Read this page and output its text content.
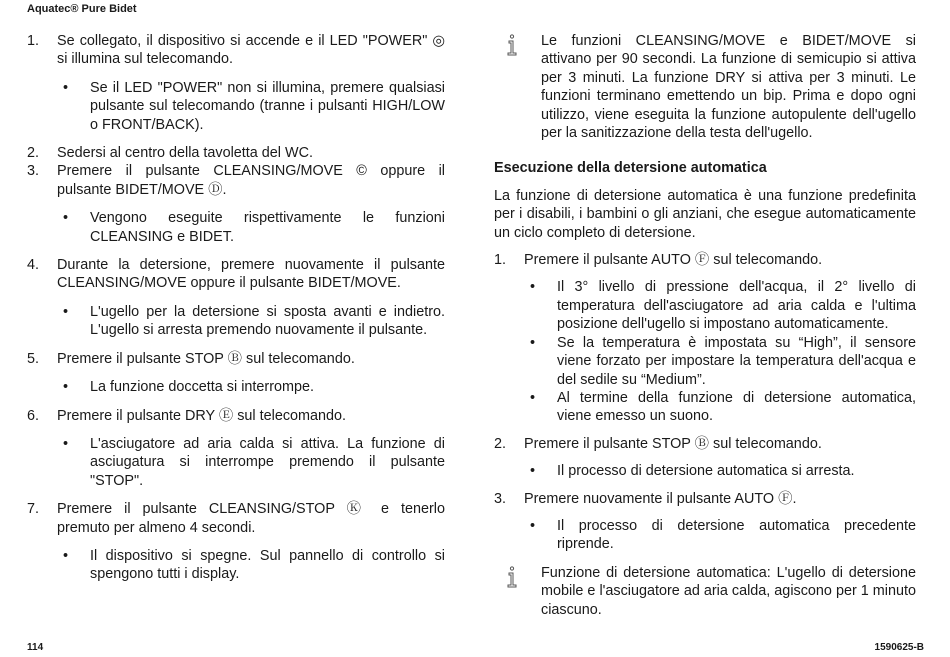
Aquatec® Pure Bidet
1. Se collegato, il dispositivo si accende e il LED "POWER" ◎ si illumina sul telecomando.
• Se il LED "POWER" non si illumina, premere qualsiasi pulsante sul telecomando (tranne i pulsanti HIGH/LOW o FRONT/BACK).
2. Sedersi al centro della tavoletta del WC.
3. Premere il pulsante CLEANSING/MOVE © oppure il pulsante BIDET/MOVE Ⓓ.
• Vengono eseguite rispettivamente le funzioni CLEANSING e BIDET.
4. Durante la detersione, premere nuovamente il pulsante CLEANSING/MOVE oppure il pulsante BIDET/MOVE.
• L'ugello per la detersione si sposta avanti e indietro. L'ugello si arresta premendo nuovamente il pulsante.
5. Premere il pulsante STOP Ⓑ sul telecomando.
• La funzione doccetta si interrompe.
6. Premere il pulsante DRY Ⓔ sul telecomando.
• L'asciugatore ad aria calda si attiva. La funzione di asciugatura si interrompe premendo il pulsante "STOP".
7. Premere il pulsante CLEANSING/STOP Ⓚ e tenerlo premuto per almeno 4 secondi.
• Il dispositivo si spegne. Sul pannello di controllo si spengono tutti i display.
Le funzioni CLEANSING/MOVE e BIDET/MOVE si attivano per 90 secondi. La funzione di semicupio si attiva per 3 minuti. La funzione DRY si attiva per 3 minuti. Le funzioni terminano emettendo un bip. Prima e dopo ogni utilizzo, viene eseguita la funzione autopulente dell'ugello per la sanitizzazione della testa dell'ugello.
Esecuzione della detersione automatica
La funzione di detersione automatica è una funzione predefinita per i disabili, i bambini o gli anziani, che esegue automaticamente un ciclo completo di detersione.
1. Premere il pulsante AUTO Ⓕ sul telecomando.
• Il 3° livello di pressione dell'acqua, il 2° livello di temperatura dell'asciugatore ad aria calda e l'ultima posizione dell'ugello si impostano automaticamente.
• Se la temperatura è impostata su “High”, il sensore viene forzato per impostare la temperatura dell'acqua e del sedile su “Medium”.
• Al termine della funzione di detersione automatica, viene emesso un suono.
2. Premere il pulsante STOP Ⓑ sul telecomando.
• Il processo di detersione automatica si arresta.
3. Premere nuovamente il pulsante AUTO Ⓕ.
• Il processo di detersione automatica precedente riprende.
Funzione di detersione automatica: L'ugello di detersione mobile e l'asciugatore ad aria calda, agiscono per 1 minuto ciascuno.
114	1590625-B
